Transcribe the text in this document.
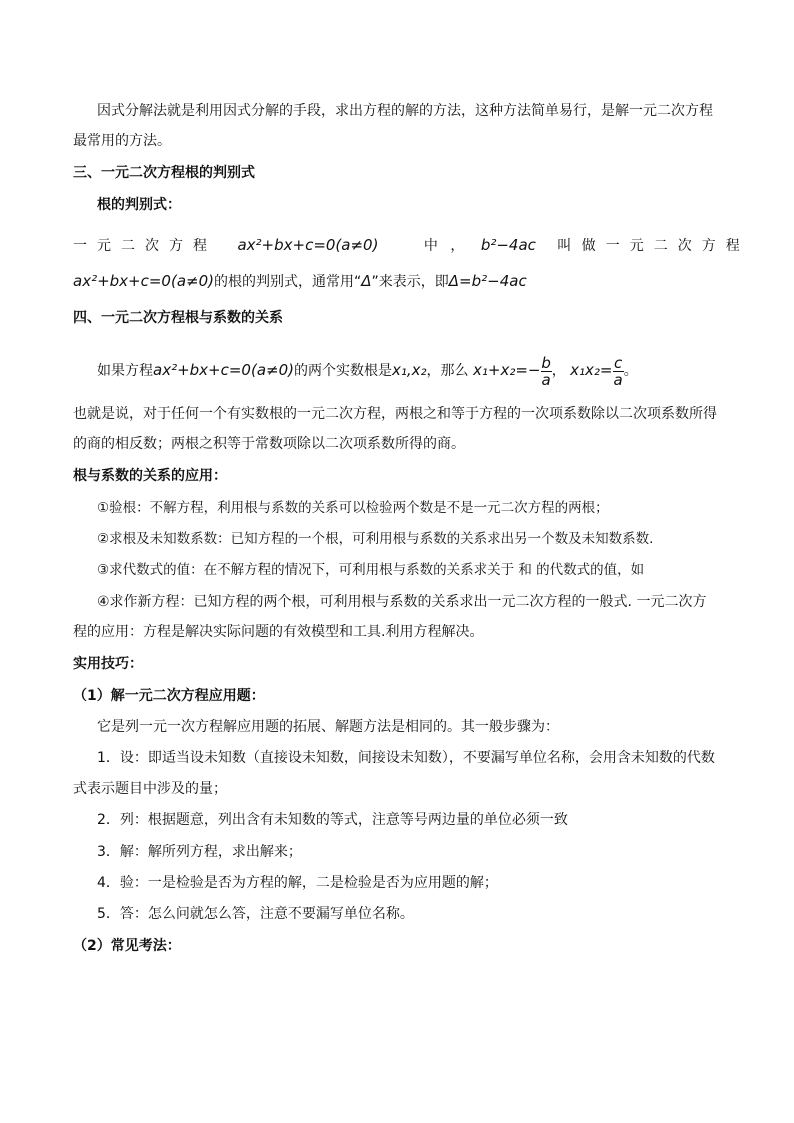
因式分解法就是利用因式分解的手段，求出方程的解的方法，这种方法简单易行，是解一元二次方程
最常用的方法。
三、一元二次方程根的判别式
根的判别式：
一 元 二 次 方 程 ax²+bx+c=0(a≠0)	中 ， b²−4ac 叫 做 一 元 二 次 方 程
ax²+bx+c=0(a≠0)的根的判别式，通常用“Δ”来表示，即Δ=b²−4ac
四、一元二次方程根与系数的关系
如果方程ax²+bx+c=0(a≠0)的两个实数根是x₁,x₂，那么 $x_1+x_2=- \frac{b}{a}$ ， $x_1x_2= \frac{c}{a}$ 。
也就是说，对于任何一个有实数根的一元二次方程，两根之和等于方程的一次项系数除以二次项系数所得
的商的相反数；两根之积等于常数项除以二次项系数所得的商。
根与系数的关系的应用：
①验根：不解方程，利用根与系数的关系可以检验两个数是不是一元二次方程的两根；
②求根及未知数系数：已知方程的一个根，可利用根与系数的关系求出另一个数及未知数系数.
③求代数式的值：在不解方程的情况下，可利用根与系数的关系求关于 和 的代数式的值，如
④求作新方程：已知方程的两个根，可利用根与系数的关系求出一元二次方程的一般式. 一元二次方
程的应用：方程是解决实际问题的有效模型和工具.利用方程解决。
实用技巧：
（1）解一元二次方程应用题：
它是列一元一次方程解应用题的拓展、解题方法是相同的。其一般步骤为：
1．设：即适当设未知数（直接设未知数，间接设未知数），不要漏写单位名称，会用含未知数的代数
式表示题目中涉及的量；
2．列：根据题意，列出含有未知数的等式，注意等号两边量的单位必须一致
3．解：解所列方程，求出解来；
4．验：一是检验是否为方程的解，二是检验是否为应用题的解；
5．答：怎么问就怎么答，注意不要漏写单位名称。
（2）常见考法：
